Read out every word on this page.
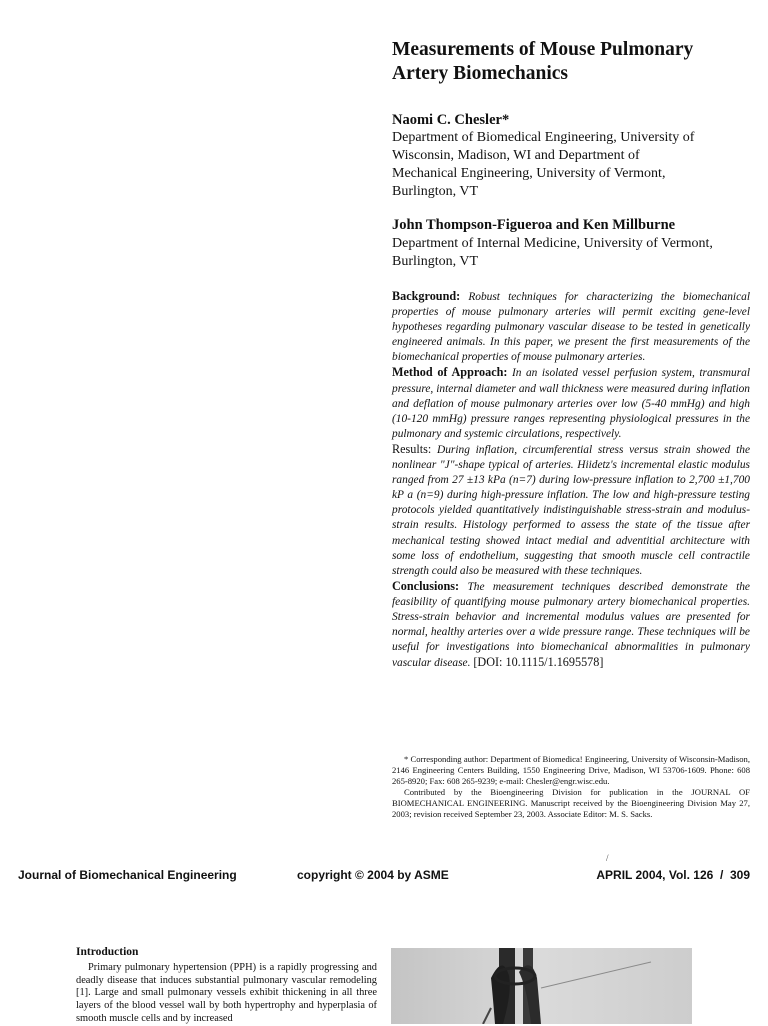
Measurements of Mouse Pulmonary
Artery Biomechanics

Naomi C. Chesler*

Department of Biomedical Engineering, University of
Wisconsin, Madison, WI and Department of
Mechanical Engineering, University of Vermont,
Burlington, VT

John Thompson-Figueroa and Ken Millburne

Department of Internal Medicine, University of Vermont,
Burlington, VT

Background: Robust techniques for characterizing the biomechanical properties of mouse pulmonary arteries will permit exciting gene-level hypotheses regarding pulmonary vascular disease to be tested in genetically engineered animals. In this paper, we present the first measurements of the biomechanical properties of mouse pulmonary arteries.

Method of Approach: In an isolated vessel perfusion system, transmural pressure, internal diameter and wall thickness were measured during inflation and deflation of mouse pulmonary arteries over low (5-40 mmHg) and high (10-120 mmHg) pressure ranges representing physiological pressures in the pulmonary and systemic circulations, respectively.

Results: During inflation, circumferential stress versus strain showed the nonlinear "J"-shape typical of arteries. Hiidetz's incremental elastic modulus ranged from 27 ±13 kPa (n=7) during low-pressure inflation to 2,700 ±1,700 kP a (n=9) during high-pressure inflation. The low and high-pressure testing protocols yielded quantitatively indistinguishable stress-strain and modulus-strain results. Histology performed to assess the state of the tissue after mechanical testing showed intact medial and adventitial architecture with some loss of endothelium, suggesting that smooth muscle cell contractile strength could also be measured with these techniques.

Conclusions: The measurement techniques described demonstrate the feasibility of quantifying mouse pulmonary artery biomechanical properties. Stress-strain behavior and incremental modulus values are presented for normal, healthy arteries over a wide pressure range. These techniques will be useful for investigations into biomechanical abnormalities in pulmonary vascular disease. [DOI: 10.1115/1.1695578]

* Corresponding author: Department of Biomedica! Engineering, University of Wisconsin-Madison, 2146 Engineering Centers Building, 1550 Engineering Drive, Madison, WI 53706-1609. Phone: 608 265-8920; Fax: 608 265-9239; e-mail: Chesler@engr.wisc.edu.

Contributed by the Bioengineering Division for publication in the JOURNAL OF BIOMECHANICAL ENGINEERING. Manuscript received by the Bioengineering Division May 27, 2003; revision received September 23, 2003. Associate Editor: M. S. Sacks.

/
Journal of Biomechanical Engineering	copyright © 2004 by ASME	APRIL 2004, Vol. 126  /  309
Introduction

Primary pulmonary hypertension (PPH) is a rapidly progressing and deadly disease that induces substantial pulmonary vascular remodeling [1]. Large and small pulmonary vessels exhibit thickening in all three layers of the blood vessel wall by both hypertrophy and hyperplasia of smooth muscle cells and by increased
